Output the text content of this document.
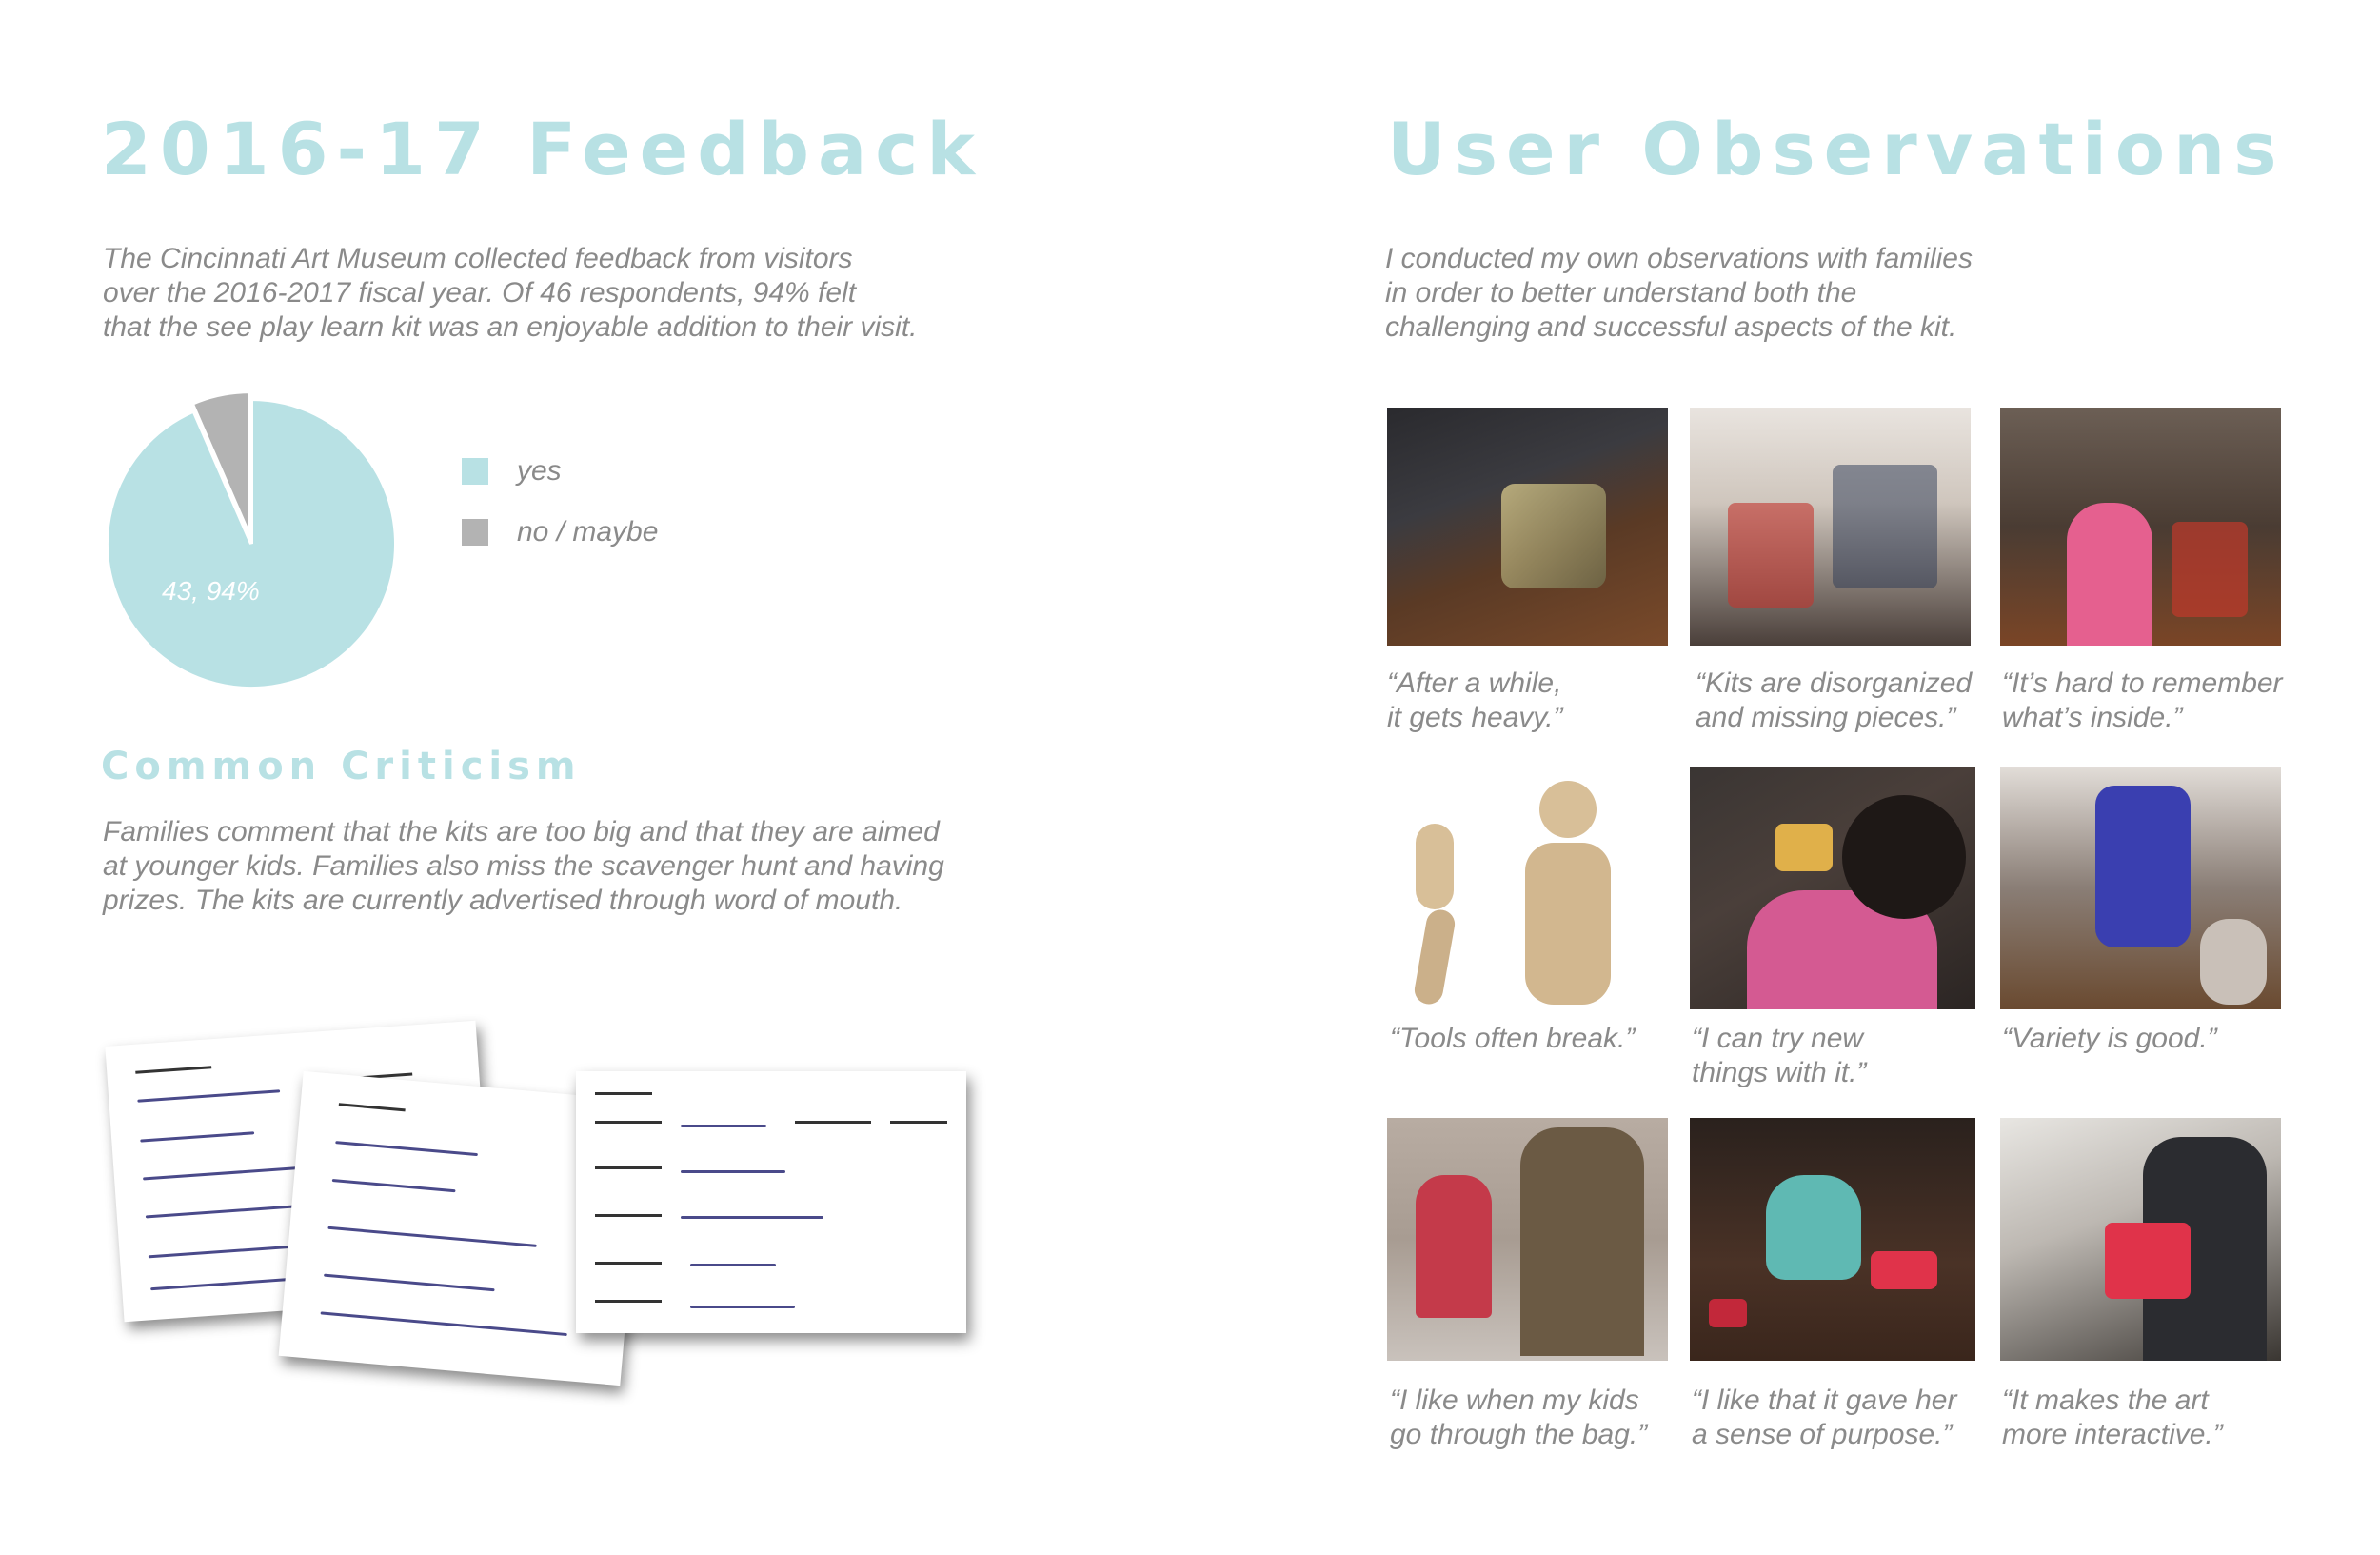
2016-17 Feedback
The Cincinnati Art Museum collected feedback from visitors
over the 2016-2017 fiscal year. Of 46 respondents, 94% felt
that the see play learn kit was an enjoyable addition to their visit.
43, 94%
yes
no / maybe
Common Criticism
Families comment that the kits are too big and that they are aimed
at younger kids. Families also miss the scavenger hunt and having
prizes. The kits are currently advertised through word of mouth.
User Observations
I conducted my own observations with families
in order to better understand both the
challenging and successful aspects of the kit.
“After a while,
it gets heavy.”
“Kits are disorganized
and missing pieces.”
“It’s hard to remember
what’s inside.”
“Tools often break.” “I can try new
things with it.”
“Variety is good.”
“I like when my kids
go through the bag.”
“I like that it gave her
a sense of purpose.”
“It makes the art
more interactive.”
